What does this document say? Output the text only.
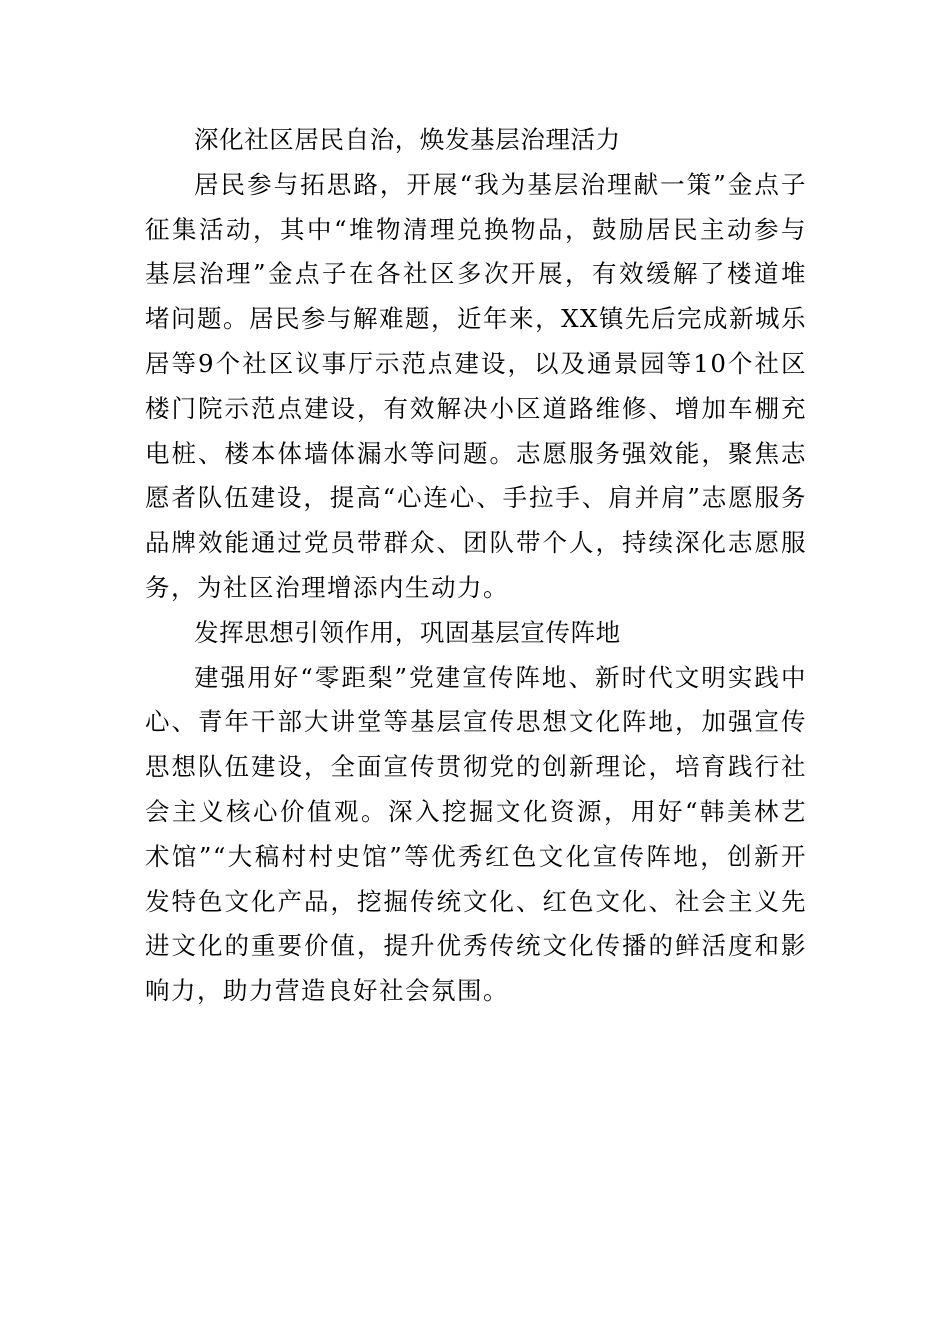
深化社区居民自治，焕发基层治理活力

居民参与拓思路，开展“我为基层治理献一策”金点子征集活动，其中“堆物清理兑换物品，鼓励居民主动参与基层治理”金点子在各社区多次开展，有效缓解了楼道堆堵问题。居民参与解难题，近年来，XX镇先后完成新城乐居等9个社区议事厅示范点建设，以及通景园等10个社区楼门院示范点建设，有效解决小区道路维修、增加车棚充电桩、楼本体墙体漏水等问题。志愿服务强效能，聚焦志愿者队伍建设，提高“心连心、手拉手、肩并肩”志愿服务品牌效能通过党员带群众、团队带个人，持续深化志愿服务，为社区治理增添内生动力。

发挥思想引领作用，巩固基层宣传阵地

建强用好“零距梨”党建宣传阵地、新时代文明实践中心、青年干部大讲堂等基层宣传思想文化阵地，加强宣传思想队伍建设，全面宣传贯彻党的创新理论，培育践行社会主义核心价值观。深入挖掘文化资源，用好“韩美林艺术馆”“大稿村村史馆”等优秀红色文化宣传阵地，创新开发特色文化产品，挖掘传统文化、红色文化、社会主义先进文化的重要价值，提升优秀传统文化传播的鲜活度和影响力，助力营造良好社会氛围。
